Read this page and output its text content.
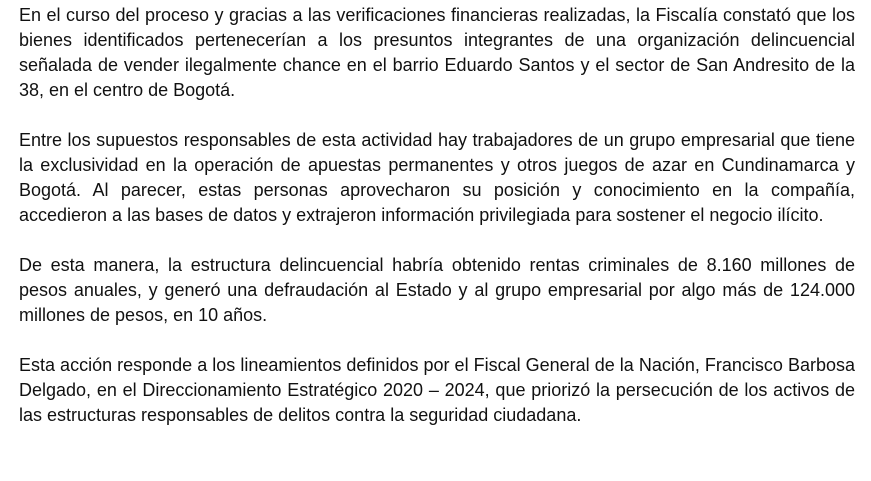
En el curso del proceso y gracias a las verificaciones financieras realizadas, la Fiscalía constató que los bienes identificados pertenecerían a los presuntos integrantes de una organización delincuencial señalada de vender ilegalmente chance en el barrio Eduardo Santos y el sector de San Andresito de la 38, en el centro de Bogotá.

Entre los supuestos responsables de esta actividad hay trabajadores de un grupo empresarial que tiene la exclusividad en la operación de apuestas permanentes y otros juegos de azar en Cundinamarca y Bogotá. Al parecer, estas personas aprovecharon su posición y conocimiento en la compañía, accedieron a las bases de datos y extrajeron información privilegiada para sostener el negocio ilícito.

De esta manera, la estructura delincuencial habría obtenido rentas criminales de 8.160 millones de pesos anuales, y generó una defraudación al Estado y al grupo empresarial por algo más de 124.000 millones de pesos, en 10 años.

Esta acción responde a los lineamientos definidos por el Fiscal General de la Nación, Francisco Barbosa Delgado, en el Direccionamiento Estratégico 2020 – 2024, que priorizó la persecución de los activos de las estructuras responsables de delitos contra la seguridad ciudadana.
